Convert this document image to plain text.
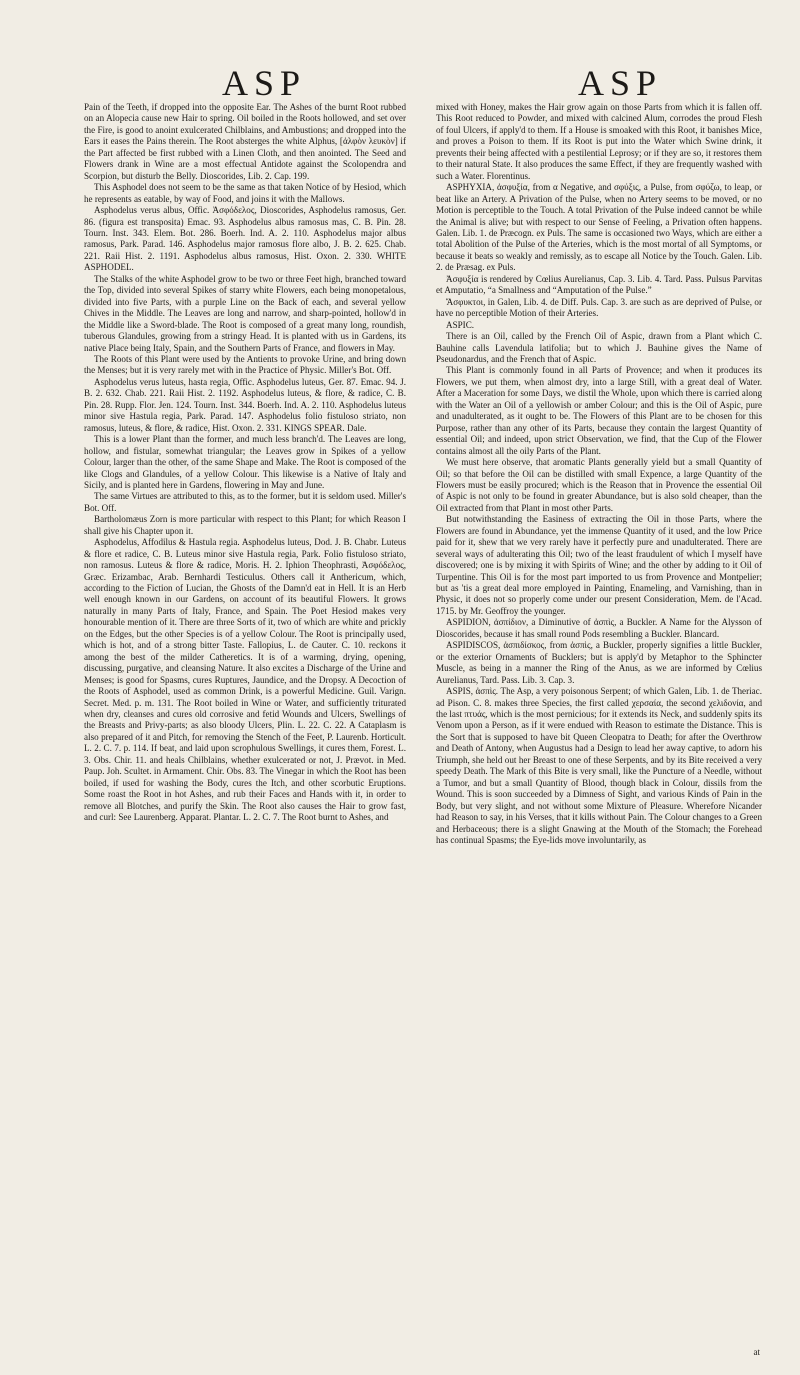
ASP	ASP

Pain of the Teeth, if dropped into the opposite Ear. The Ashes of the burnt Root rubbed on an Alopecia cause new Hair to spring. Oil boiled in the Roots hollowed, and set over the Fire, is good to anoint exulcerated Chilblains, and Ambustions; and dropped into the Ears it eases the Pains therein. The Root absterges the white Alphus, [ἀλφὸν λευκὸν] if the Part affected be first rubbed with a Linen Cloth, and then anointed. The Seed and Flowers drank in Wine are a most effectual Antidote against the Scolopendra and Scorpion, but disturb the Belly. Dioscorides, Lib. 2. Cap. 199.

This Asphodel does not seem to be the same as that taken Notice of by Hesiod, which he represents as eatable, by way of Food, and joins it with the Mallows.

Asphodelus verus albus, Offic. Ἀσφόδελος, Dioscorides, Asphodelus ramosus, Ger. 86. (figura est transposita) Emac. 93. Asphodelus albus ramosus mas, C. B. Pin. 28. Tourn. Inst. 343. Elem. Bot. 286. Boerh. Ind. A. 2. 110. Asphodelus major albus ramosus, Park. Parad. 146. Asphodelus major ramosus flore albo, J. B. 2. 625. Chab. 221. Raii Hist. 2. 1191. Asphodelus albus ramosus, Hist. Oxon. 2. 330. WHITE ASPHODEL.

The Stalks of the white Asphodel grow to be two or three Feet high, branched toward the Top, divided into several Spikes of starry white Flowers, each being monopetalous, divided into five Parts, with a purple Line on the Back of each, and several yellow Chives in the Middle. The Leaves are long and narrow, and sharp-pointed, hollow'd in the Middle like a Sword-blade. The Root is composed of a great many long, roundish, tuberous Glandules, growing from a stringy Head. It is planted with us in Gardens, its native Place being Italy, Spain, and the Southern Parts of France, and flowers in May.

The Roots of this Plant were used by the Antients to provoke Urine, and bring down the Menses; but it is very rarely met with in the Practice of Physic. Miller's Bot. Off.

Asphodelus verus luteus, hasta regia, Offic. Asphodelus luteus, Ger. 87. Emac. 94. J. B. 2. 632. Chab. 221. Raii Hist. 2. 1192. Asphodelus luteus, & flore, & radice, C. B. Pin. 28. Rupp. Flor. Jen. 124. Tourn. Inst. 344. Boerh. Ind. A. 2. 110. Asphodelus luteus minor sive Hastula regia, Park. Parad. 147. Asphodelus folio fistuloso striato, non ramosus, luteus, & flore, & radice, Hist. Oxon. 2. 331. KINGS SPEAR. Dale.

This is a lower Plant than the former, and much less branch'd. The Leaves are long, hollow, and fistular, somewhat triangular; the Leaves grow in Spikes of a yellow Colour, larger than the other, of the same Shape and Make. The Root is composed of the like Clogs and Glandules, of a yellow Colour. This likewise is a Native of Italy and Sicily, and is planted here in Gardens, flowering in May and June.

The same Virtues are attributed to this, as to the former, but it is seldom used. Miller's Bot. Off.

Bartholomæus Zorn is more particular with respect to this Plant; for which Reason I shall give his Chapter upon it.

Asphodelus, Affodilus & Hastula regia. Asphodelus luteus, Dod. J. B. Chabr. Luteus & flore et radice, C. B. Luteus minor sive Hastula regia, Park. Folio fistuloso striato, non ramosus. Luteus & flore & radice, Moris. H. 2. Iphion Theophrasti, Ἀσφόδελος, Græc. Erizambac, Arab. Bernhardi Testiculus. Others call it Anthericum, which, according to the Fiction of Lucian, the Ghosts of the Damn'd eat in Hell. It is an Herb well enough known in our Gardens, on account of its beautiful Flowers. It grows naturally in many Parts of Italy, France, and Spain. The Poet Hesiod makes very honourable mention of it. There are three Sorts of it, two of which are white and prickly on the Edges, but the other Species is of a yellow Colour. The Root is principally used, which is hot, and of a strong bitter Taste. Fallopius, L. de Cauter. C. 10. reckons it among the best of the milder Catheretics. It is of a warming, drying, opening, discussing, purgative, and cleansing Nature. It also excites a Discharge of the Urine and Menses; is good for Spasms, cures Ruptures, Jaundice, and the Dropsy. A Decoction of the Roots of Asphodel, used as common Drink, is a powerful Medicine. Guil. Varign. Secret. Med. p. m. 131. The Root boiled in Wine or Water, and sufficiently triturated when dry, cleanses and cures old corrosive and fetid Wounds and Ulcers, Swellings of the Breasts and Privy-parts; as also bloody Ulcers, Plin. L. 22. C. 22. A Cataplasm is also prepared of it and Pitch, for removing the Stench of the Feet, P. Laurenb. Horticult. L. 2. C. 7. p. 114. If beat, and laid upon scrophulous Swellings, it cures them, Forest. L. 3. Obs. Chir. 11. and heals Chilblains, whether exulcerated or not, J. Prævot. in Med. Paup. Joh. Scultet. in Armament. Chir. Obs. 83. The Vinegar in which the Root has been boiled, if used for washing the Body, cures the Itch, and other scorbutic Eruptions. Some roast the Root in hot Ashes, and rub their Faces and Hands with it, in order to remove all Blotches, and purify the Skin. The Root also causes the Hair to grow fast, and curl: See Laurenberg. Apparat. Plantar. L. 2. C. 7. The Root burnt to Ashes, and

mixed with Honey, makes the Hair grow again on those Parts from which it is fallen off. This Root reduced to Powder, and mixed with calcined Alum, corrodes the proud Flesh of foul Ulcers, if apply'd to them. If a House is smoaked with this Root, it banishes Mice, and proves a Poison to them. If its Root is put into the Water which Swine drink, it prevents their being affected with a pestilential Leprosy; or if they are so, it restores them to their natural State. It also produces the same Effect, if they are frequently washed with such a Water. Florentinus.

ASPHYXIA, ἀσφυξία, from α Negative, and σφύξις, a Pulse, from σφύζω, to leap, or beat like an Artery. A Privation of the Pulse, when no Artery seems to be moved, or no Motion is perceptible to the Touch. A total Privation of the Pulse indeed cannot be while the Animal is alive; but with respect to our Sense of Feeling, a Privation often happens. Galen. Lib. 1. de Præcogn. ex Puls. The same is occasioned two Ways, which are either a total Abolition of the Pulse of the Arteries, which is the most mortal of all Symptoms, or because it beats so weakly and remissly, as to escape all Notice by the Touch. Galen. Lib. 2. de Præsag. ex Puls.

Ἀσφυξία is rendered by Cœlius Aurelianus, Cap. 3. Lib. 4. Tard. Pass. Pulsus Parvitas et Amputatio, “a Smallness and “Amputation of the Pulse.”

Ἄσφυκτοι, in Galen, Lib. 4. de Diff. Puls. Cap. 3. are such as are deprived of Pulse, or have no perceptible Motion of their Arteries.

ASPIC.

There is an Oil, called by the French Oil of Aspic, drawn from a Plant which C. Bauhine calls Lavendula latifolia; but to which J. Bauhine gives the Name of Pseudonardus, and the French that of Aspic.

This Plant is commonly found in all Parts of Provence; and when it produces its Flowers, we put them, when almost dry, into a large Still, with a great deal of Water. After a Maceration for some Days, we distil the Whole, upon which there is carried along with the Water an Oil of a yellowish or amber Colour; and this is the Oil of Aspic, pure and unadulterated, as it ought to be. The Flowers of this Plant are to be chosen for this Purpose, rather than any other of its Parts, because they contain the largest Quantity of essential Oil; and indeed, upon strict Observation, we find, that the Cup of the Flower contains almost all the oily Parts of the Plant.

We must here observe, that aromatic Plants generally yield but a small Quantity of Oil; so that before the Oil can be distilled with small Expence, a large Quantity of the Flowers must be easily procured; which is the Reason that in Provence the essential Oil of Aspic is not only to be found in greater Abundance, but is also sold cheaper, than the Oil extracted from that Plant in most other Parts.

But notwithstanding the Easiness of extracting the Oil in those Parts, where the Flowers are found in Abundance, yet the immense Quantity of it used, and the low Price paid for it, shew that we very rarely have it perfectly pure and unadulterated. There are several ways of adulterating this Oil; two of the least fraudulent of which I myself have discovered; one is by mixing it with Spirits of Wine; and the other by adding to it Oil of Turpentine. This Oil is for the most part imported to us from Provence and Montpelier; but as 'tis a great deal more employed in Painting, Enameling, and Varnishing, than in Physic, it does not so properly come under our present Consideration, Mem. de l'Acad. 1715. by Mr. Geoffroy the younger.

ASPIDION, ἀσπίδιον, a Diminutive of ἀσπὶς, a Buckler. A Name for the Alysson of Dioscorides, because it has small round Pods resembling a Buckler. Blancard.

ASPIDISCOS, ἀσπιδίσκος, from ἀσπὶς, a Buckler, properly signifies a little Buckler, or the exterior Ornaments of Bucklers; but is apply'd by Metaphor to the Sphincter Muscle, as being in a manner the Ring of the Anus, as we are informed by Cœlius Aurelianus, Tard. Pass. Lib. 3. Cap. 3.

ASPIS, ἀσπὶς. The Asp, a very poisonous Serpent; of which Galen, Lib. 1. de Theriac. ad Pison. C. 8. makes three Species, the first called χερσαία, the second χελιδονία, and the last πτυάς, which is the most pernicious; for it extends its Neck, and suddenly spits its Venom upon a Person, as if it were endued with Reason to estimate the Distance. This is the Sort that is supposed to have bit Queen Cleopatra to Death; for after the Overthrow and Death of Antony, when Augustus had a Design to lead her away captive, to adorn his Triumph, she held out her Breast to one of these Serpents, and by its Bite received a very speedy Death. The Mark of this Bite is very small, like the Puncture of a Needle, without a Tumor, and but a small Quantity of Blood, though black in Colour, dissils from the Wound. This is soon succeeded by a Dimness of Sight, and various Kinds of Pain in the Body, but very slight, and not without some Mixture of Pleasure. Wherefore Nicander had Reason to say, in his Verses, that it kills without Pain. The Colour changes to a Green and Herbaceous; there is a slight Gnawing at the Mouth of the Stomach; the Forehead has continual Spasms; the Eye-lids move involuntarily, as

at
